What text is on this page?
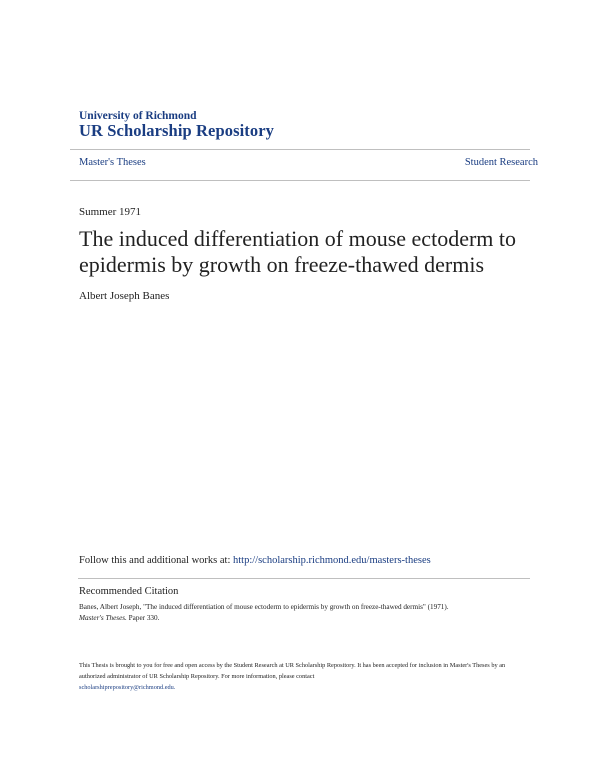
University of Richmond
UR Scholarship Repository
Master's Theses	Student Research
Summer 1971
The induced differentiation of mouse ectoderm to epidermis by growth on freeze-thawed dermis
Albert Joseph Banes
Follow this and additional works at: http://scholarship.richmond.edu/masters-theses
Recommended Citation
Banes, Albert Joseph, "The induced differentiation of mouse ectoderm to epidermis by growth on freeze-thawed dermis" (1971).
Master's Theses. Paper 330.
This Thesis is brought to you for free and open access by the Student Research at UR Scholarship Repository. It has been accepted for inclusion in Master's Theses by an authorized administrator of UR Scholarship Repository. For more information, please contact
scholarshiprepository@richmond.edu.
